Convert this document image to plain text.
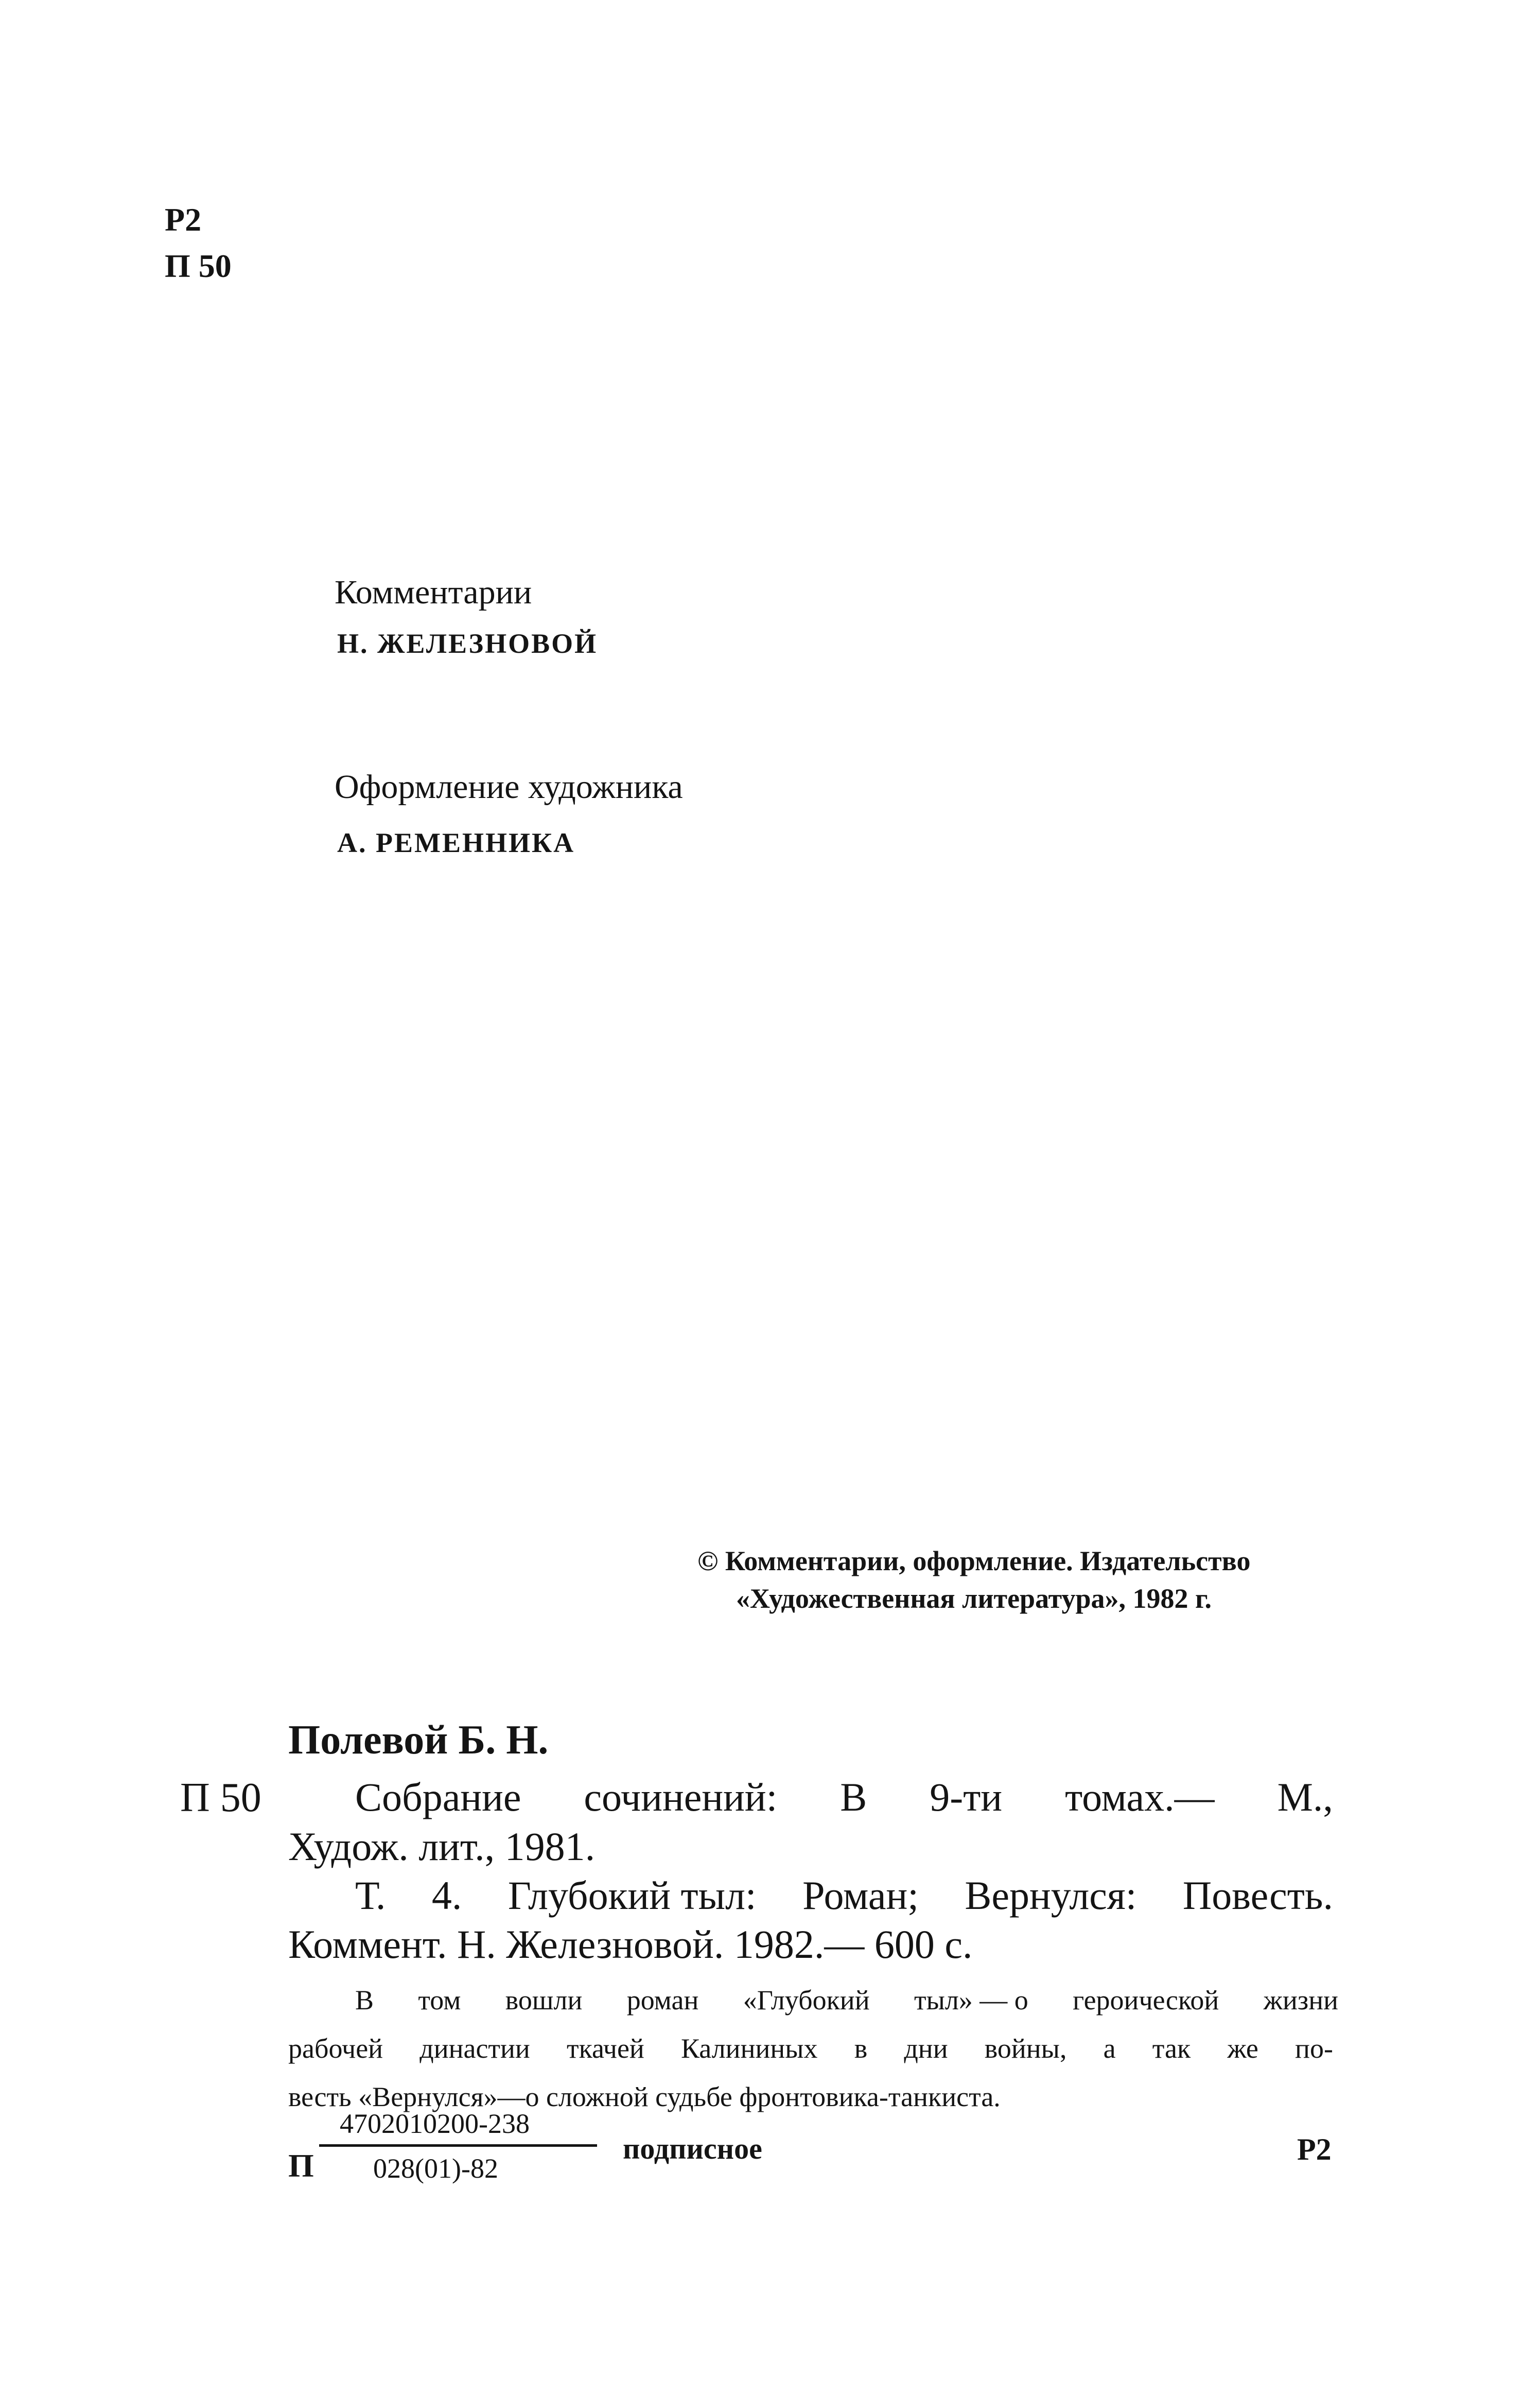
Р2
П 50
Комментарии
Н. ЖЕЛЕЗНОВОЙ
Оформление художника
А. РЕМЕННИКА
© Комментарии, оформление. Издательство
«Художественная литература», 1982 г.
Полевой Б. Н.
П 50 Собрание сочинений: В 9-ти томах.— М.,
Худож. лит., 1981.
Т. 4. Глубокий тыл: Роман; Вернулся: Повесть.
Коммент. Н. Железновой. 1982.— 600 с.
В том вошли роман «Глубокий тыл» — о героической жизни
рабочей династии ткачей Калининых в дни войны, а так же по-
весть «Вернулся»—о сложной судьбе фронтовика-танкиста.
П
4702010200-238
028(01)-82
подписное	Р2
